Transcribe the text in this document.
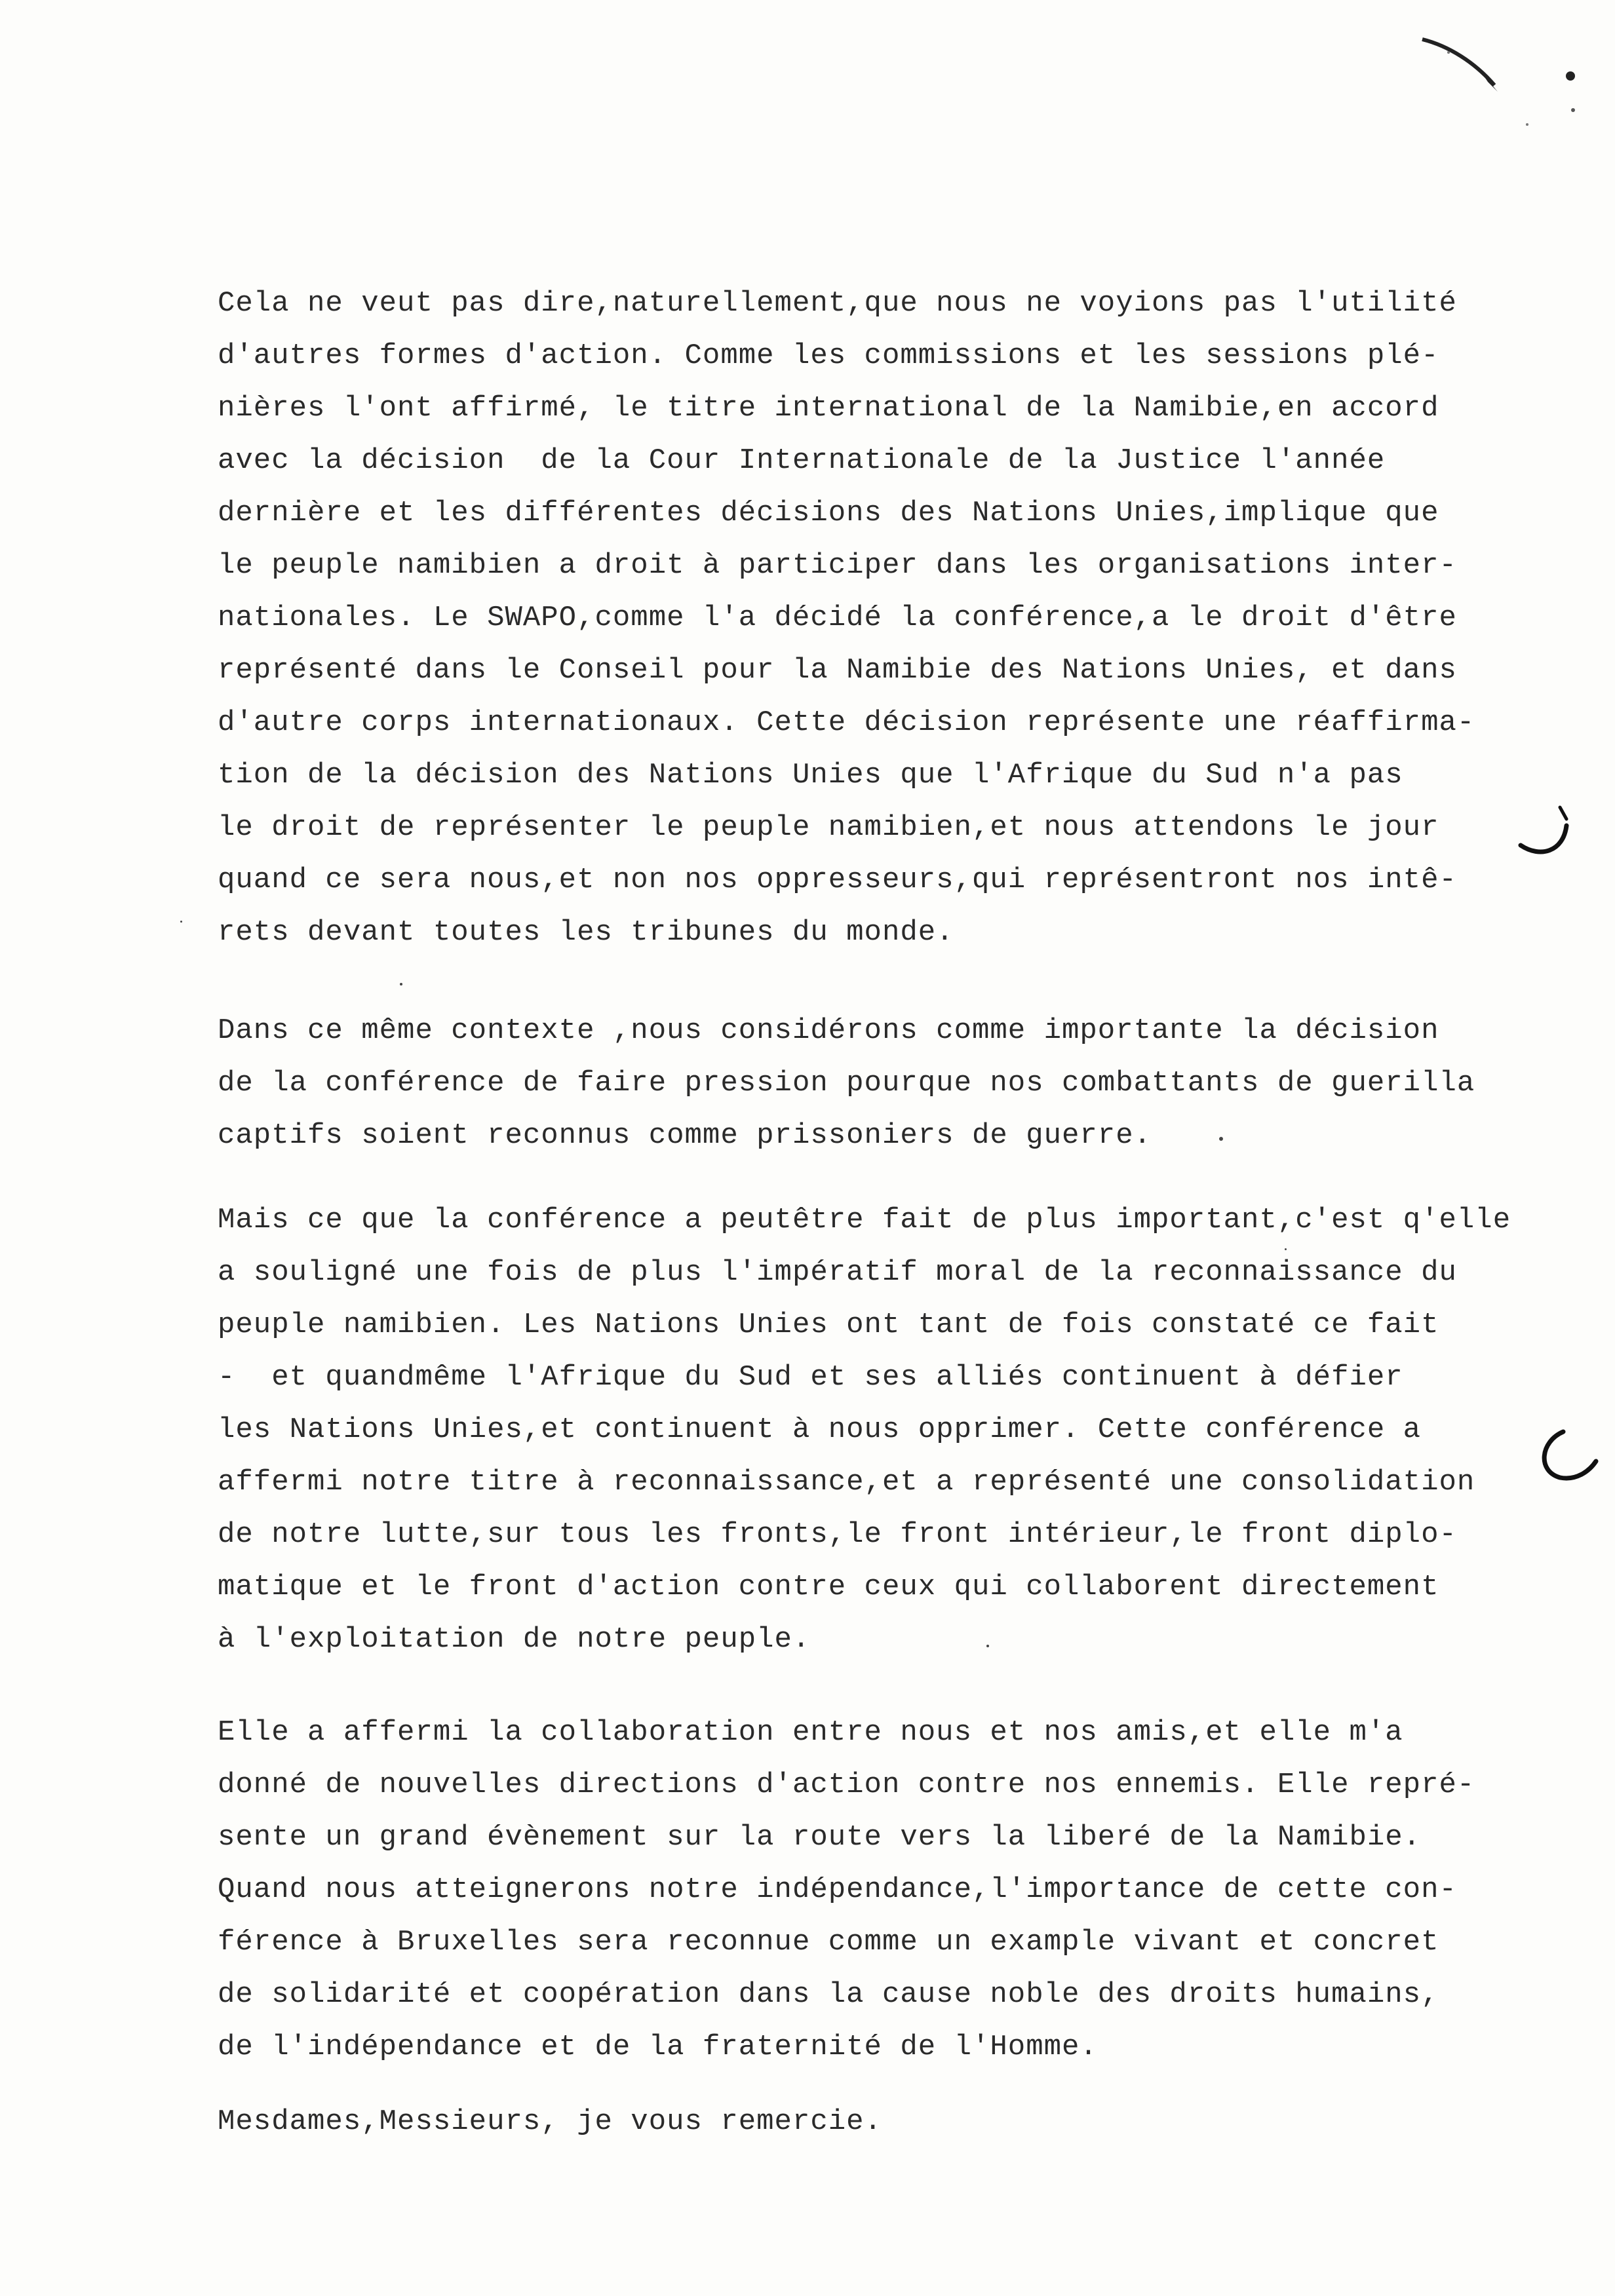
Cela ne veut pas dire,naturellement,que nous ne voyions pas l'utilité
d'autres formes d'action. Comme les commissions et les sessions plé-
nières l'ont affirmé, le titre international de la Namibie,en accord
avec la décision  de la Cour Internationale de la Justice l'année
dernière et les différentes décisions des Nations Unies,implique que
le peuple namibien a droit à participer dans les organisations inter-
nationales. Le SWAPO,comme l'a décidé la conférence,a le droit d'être
représenté dans le Conseil pour la Namibie des Nations Unies, et dans
d'autre corps internationaux. Cette décision représente une réaffirma-
tion de la décision des Nations Unies que l'Afrique du Sud n'a pas
le droit de représenter le peuple namibien,et nous attendons le jour
quand ce sera nous,et non nos oppresseurs,qui représentront nos intê-
rets devant toutes les tribunes du monde.
Dans ce même contexte ,nous considérons comme importante la décision
de la conférence de faire pression pourque nos combattants de guerilla
captifs soient reconnus comme prissoniers de guerre.
Mais ce que la conférence a peutêtre fait de plus important,c'est q'elle
a souligné une fois de plus l'impératif moral de la reconnaissance du
peuple namibien. Les Nations Unies ont tant de fois constaté ce fait
-  et quandmême l'Afrique du Sud et ses alliés continuent à défier
les Nations Unies,et continuent à nous opprimer. Cette conférence a
affermi notre titre à reconnaissance,et a représenté une consolidation
de notre lutte,sur tous les fronts,le front intérieur,le front diplo-
matique et le front d'action contre ceux qui collaborent directement
à l'exploitation de notre peuple.
Elle a affermi la collaboration entre nous et nos amis,et elle m'a
donné de nouvelles directions d'action contre nos ennemis. Elle repré-
sente un grand évènement sur la route vers la liberé de la Namibie.
Quand nous atteignerons notre indépendance,l'importance de cette con-
férence à Bruxelles sera reconnue comme un example vivant et concret
de solidarité et coopération dans la cause noble des droits humains,
de l'indépendance et de la fraternité de l'Homme.
Mesdames,Messieurs, je vous remercie.
